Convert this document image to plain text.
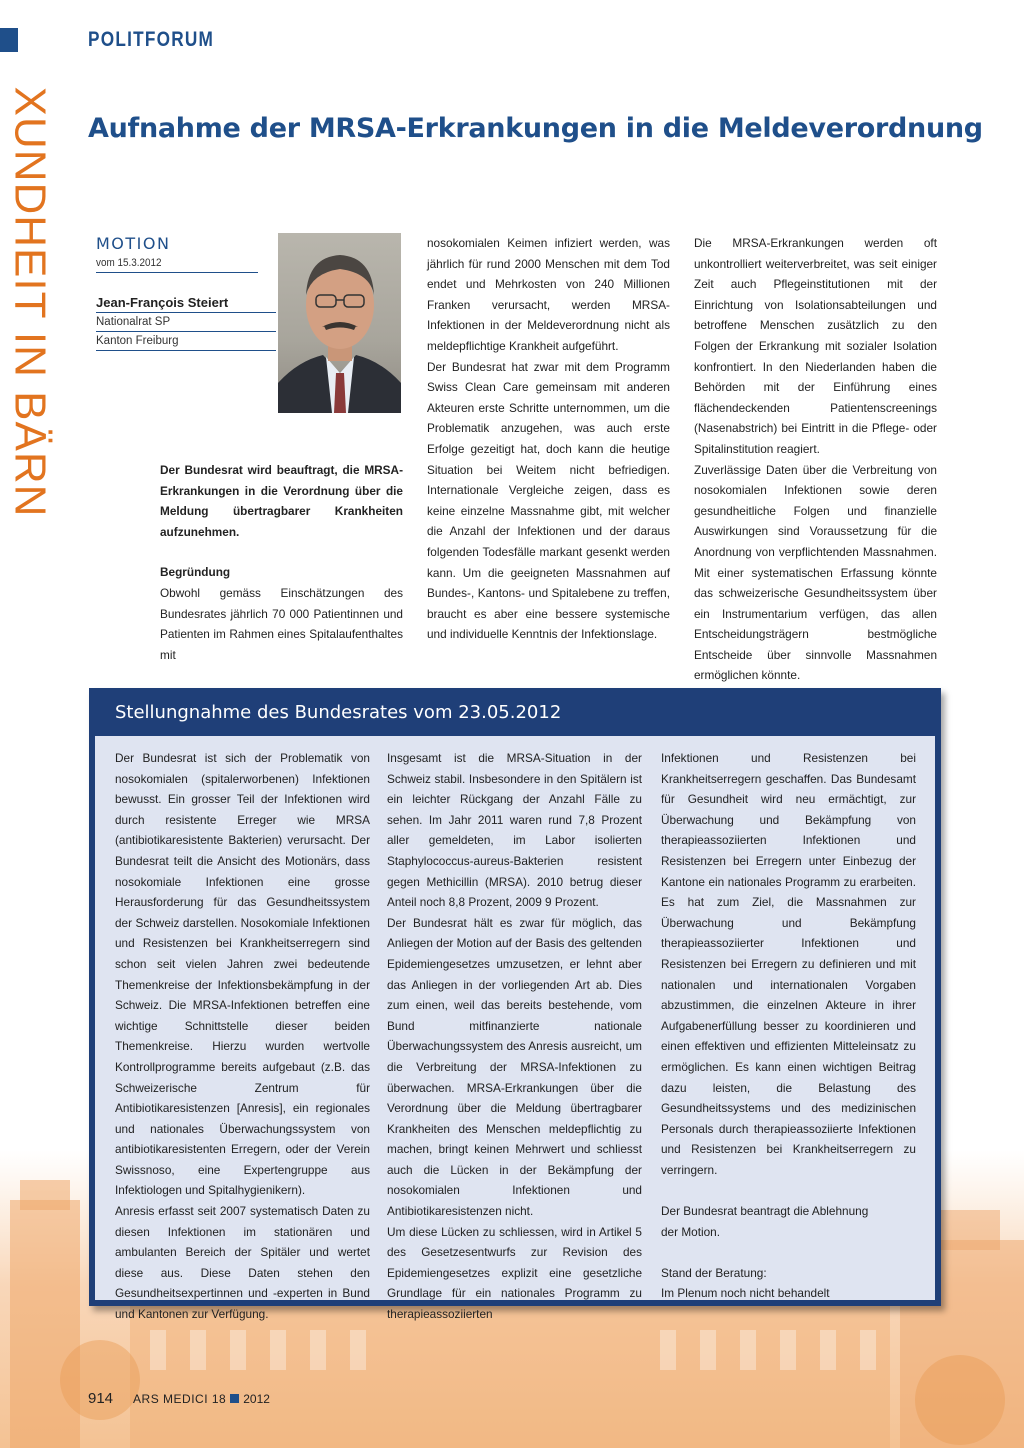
POLITFORUM
XUNDHEIT IN BÄRN Aufnahme der MRSA-Erkrankungen in die Meldeverordnung
MOTION
vom 15.3.2012
Jean-François Steiert
Nationalrat SP
Kanton Freiburg

Der Bundesrat wird beauftragt, die MRSA-Erkrankungen in die Verordnung über die Meldung übertragbarer Krankheiten aufzunehmen.

Begründung

Obwohl gemäss Einschätzungen des Bundesrates jährlich 70 000 Patientinnen und Patienten im Rahmen eines Spitalaufenthaltes mit

nosokomialen Keimen infiziert werden, was jährlich für rund 2000 Menschen mit dem Tod endet und Mehrkosten von 240 Millionen Franken verursacht, werden MRSA-Infektionen in der Meldeverordnung nicht als meldepflichtige Krankheit aufgeführt.

Der Bundesrat hat zwar mit dem Programm Swiss Clean Care gemeinsam mit anderen Akteuren erste Schritte unternommen, um die Problematik anzugehen, was auch erste Erfolge gezeitigt hat, doch kann die heutige Situation bei Weitem nicht befriedigen. Internationale Vergleiche zeigen, dass es keine einzelne Massnahme gibt, mit welcher die Anzahl der Infektionen und der daraus folgenden Todesfälle markant gesenkt werden kann. Um die geeigneten Massnahmen auf Bundes-, Kantons- und Spitalebene zu treffen, braucht es aber eine bessere systemische und individuelle Kenntnis der Infektionslage.

Die MRSA-Erkrankungen werden oft unkontrolliert weiterverbreitet, was seit einiger Zeit auch Pflegeinstitutionen mit der Einrichtung von Isolationsabteilungen und betroffene Menschen zusätzlich zu den Folgen der Erkrankung mit sozialer Isolation konfrontiert. In den Niederlanden haben die Behörden mit der Einführung eines flächendeckenden Patientenscreenings (Nasenabstrich) bei Eintritt in die Pflege- oder Spitalinstitution reagiert.

Zuverlässige Daten über die Verbreitung von nosokomialen Infektionen sowie deren gesundheitliche Folgen und finanzielle Auswirkungen sind Voraussetzung für die Anordnung von verpflichtenden Massnahmen. Mit einer systematischen Erfassung könnte das schweizerische Gesundheitssystem über ein Instrumentarium verfügen, das allen Entscheidungsträgern bestmögliche Entscheide über sinnvolle Massnahmen ermöglichen könnte.

Stellungnahme des Bundesrates vom 23.05.2012

Der Bundesrat ist sich der Problematik von nosokomialen (spitalerworbenen) Infektionen bewusst. Ein grosser Teil der Infektionen wird durch resistente Erreger wie MRSA (antibiotikaresistente Bakterien) verursacht. Der Bundesrat teilt die Ansicht des Motionärs, dass nosokomiale Infektionen eine grosse Herausforderung für das Gesundheitssystem der Schweiz darstellen. Nosokomiale Infektionen und Resistenzen bei Krankheitserregern sind schon seit vielen Jahren zwei bedeutende Themenkreise der Infektionsbekämpfung in der Schweiz. Die MRSA-Infektionen betreffen eine wichtige Schnittstelle dieser beiden Themenkreise. Hierzu wurden wertvolle Kontrollprogramme bereits aufgebaut (z.B. das Schweizerische Zentrum für Antibiotikaresistenzen [Anresis], ein regionales und nationales Überwachungssystem von antibiotikaresistenten Erregern, oder der Verein Swissnoso, eine Expertengruppe aus Infektiologen und Spitalhygienikern).

Anresis erfasst seit 2007 systematisch Daten zu diesen Infektionen im stationären und ambulanten Bereich der Spitäler und wertet diese aus. Diese Daten stehen den Gesundheitsexpertinnen und -experten in Bund und Kantonen zur Verfügung.

Insgesamt ist die MRSA-Situation in der Schweiz stabil. Insbesondere in den Spitälern ist ein leichter Rückgang der Anzahl Fälle zu sehen. Im Jahr 2011 waren rund 7,8 Prozent aller gemeldeten, im Labor isolierten Staphylococcus-aureus-Bakterien resistent gegen Methicillin (MRSA). 2010 betrug dieser Anteil noch 8,8 Prozent, 2009 9 Prozent.

Der Bundesrat hält es zwar für möglich, das Anliegen der Motion auf der Basis des geltenden Epidemiengesetzes umzusetzen, er lehnt aber das Anliegen in der vorliegenden Art ab. Dies zum einen, weil das bereits bestehende, vom Bund mitfinanzierte nationale Überwachungssystem des Anresis ausreicht, um die Verbreitung der MRSA-Infektionen zu überwachen. MRSA-Erkrankungen über die Verordnung über die Meldung übertragbarer Krankheiten des Menschen meldepflichtig zu machen, bringt keinen Mehrwert und schliesst auch die Lücken in der Bekämpfung der nosokomialen Infektionen und Antibiotikaresistenzen nicht.

Um diese Lücken zu schliessen, wird in Artikel 5 des Gesetzesentwurfs zur Revision des Epidemiengesetzes explizit eine gesetzliche Grundlage für ein nationales Programm zu therapieassoziierten

Infektionen und Resistenzen bei Krankheitserregern geschaffen. Das Bundesamt für Gesundheit wird neu ermächtigt, zur Überwachung und Bekämpfung von therapieassoziierten Infektionen und Resistenzen bei Erregern unter Einbezug der Kantone ein nationales Programm zu erarbeiten. Es hat zum Ziel, die Massnahmen zur Überwachung und Bekämpfung therapieassoziierter Infektionen und Resistenzen bei Erregern zu definieren und mit nationalen und internationalen Vorgaben abzustimmen, die einzelnen Akteure in ihrer Aufgabenerfüllung besser zu koordinieren und einen effektiven und effizienten Mitteleinsatz zu ermöglichen. Es kann einen wichtigen Beitrag dazu leisten, die Belastung des Gesundheitssystems und des medizinischen Personals durch therapieassoziierte Infektionen und Resistenzen bei Krankheitserregern zu verringern.

Der Bundesrat beantragt die Ablehnung

der Motion.

Stand der Beratung:

Im Plenum noch nicht behandelt

914 ARS MEDICI 18 2012
